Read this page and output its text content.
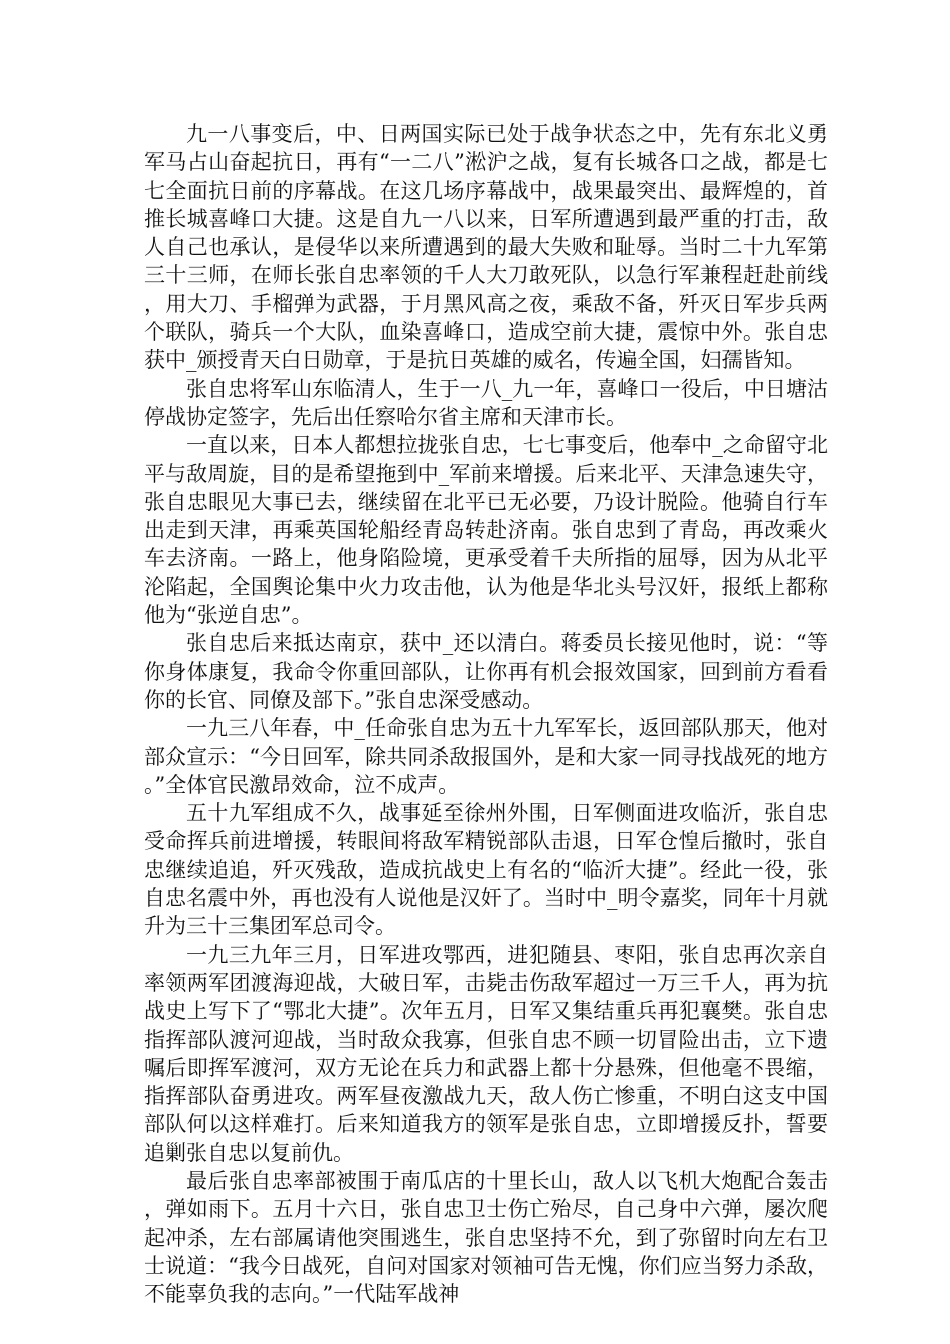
九一八事变后，中、日两国实际已处于战争状态之中，先有东北义勇军马占山奋起抗日，再有“一二八”淞沪之战，复有长城各口之战，都是七七全面抗日前的序幕战。在这几场序幕战中，战果最突出、最辉煌的，首推长城喜峰口大捷。这是自九一八以来，日军所遭遇到最严重的打击，敌人自己也承认，是侵华以来所遭遇到的最大失败和耻辱。当时二十九军第三十三师，在师长张自忠率领的千人大刀敢死队，以急行军兼程赶赴前线，用大刀、手榴弹为武器，于月黑风高之夜，乘敌不备，歼灭日军步兵两个联队，骑兵一个大队，血染喜峰口，造成空前大捷，震惊中外。张自忠获中_颁授青天白日勋章，于是抗日英雄的威名，传遍全国，妇孺皆知。

张自忠将军山东临清人，生于一八_九一年，喜峰口一役后，中日塘沽停战协定签字，先后出任察哈尔省主席和天津市长。

一直以来，日本人都想拉拢张自忠，七七事变后，他奉中_之命留守北平与敌周旋，目的是希望拖到中_军前来增援。后来北平、天津急速失守，张自忠眼见大事已去，继续留在北平已无必要，乃设计脱险。他骑自行车出走到天津，再乘英国轮船经青岛转赴济南。张自忠到了青岛，再改乘火车去济南。一路上，他身陷险境，更承受着千夫所指的屈辱，因为从北平沦陷起，全国舆论集中火力攻击他，认为他是华北头号汉奸，报纸上都称他为“张逆自忠”。

张自忠后来抵达南京，获中_还以清白。蒋委员长接见他时，说：“等你身体康复，我命令你重回部队，让你再有机会报效国家，回到前方看看你的长官、同僚及部下。”张自忠深受感动。

一九三八年春，中_任命张自忠为五十九军军长，返回部队那天，他对部众宣示：“今日回军，除共同杀敌报国外，是和大家一同寻找战死的地方。”全体官民激昂效命，泣不成声。

五十九军组成不久，战事延至徐州外围，日军侧面进攻临沂，张自忠受命挥兵前进增援，转眼间将敌军精锐部队击退，日军仓惶后撤时，张自忠继续追追，歼灭残敌，造成抗战史上有名的“临沂大捷”。经此一役，张自忠名震中外，再也没有人说他是汉奸了。当时中_明令嘉奖，同年十月就升为三十三集团军总司令。

一九三九年三月，日军进攻鄂西，进犯随县、枣阳，张自忠再次亲自率领两军团渡海迎战，大破日军，击毙击伤敌军超过一万三千人，再为抗战史上写下了“鄂北大捷”。次年五月，日军又集结重兵再犯襄樊。张自忠指挥部队渡河迎战，当时敌众我寡，但张自忠不顾一切冒险出击，立下遗嘱后即挥军渡河，双方无论在兵力和武器上都十分悬殊，但他毫不畏缩，指挥部队奋勇进攻。两军昼夜激战九天，敌人伤亡惨重，不明白这支中国部队何以这样难打。后来知道我方的领军是张自忠，立即增援反扑，誓要追剿张自忠以复前仇。

最后张自忠率部被围于南瓜店的十里长山，敌人以飞机大炮配合轰击，弹如雨下。五月十六日，张自忠卫士伤亡殆尽，自己身中六弹，屡次爬起冲杀，左右部属请他突围逃生，张自忠坚持不允，到了弥留时向左右卫士说道：“我今日战死，自问对国家对领袖可告无愧，你们应当努力杀敌，不能辜负我的志向。”一代陆军战神
